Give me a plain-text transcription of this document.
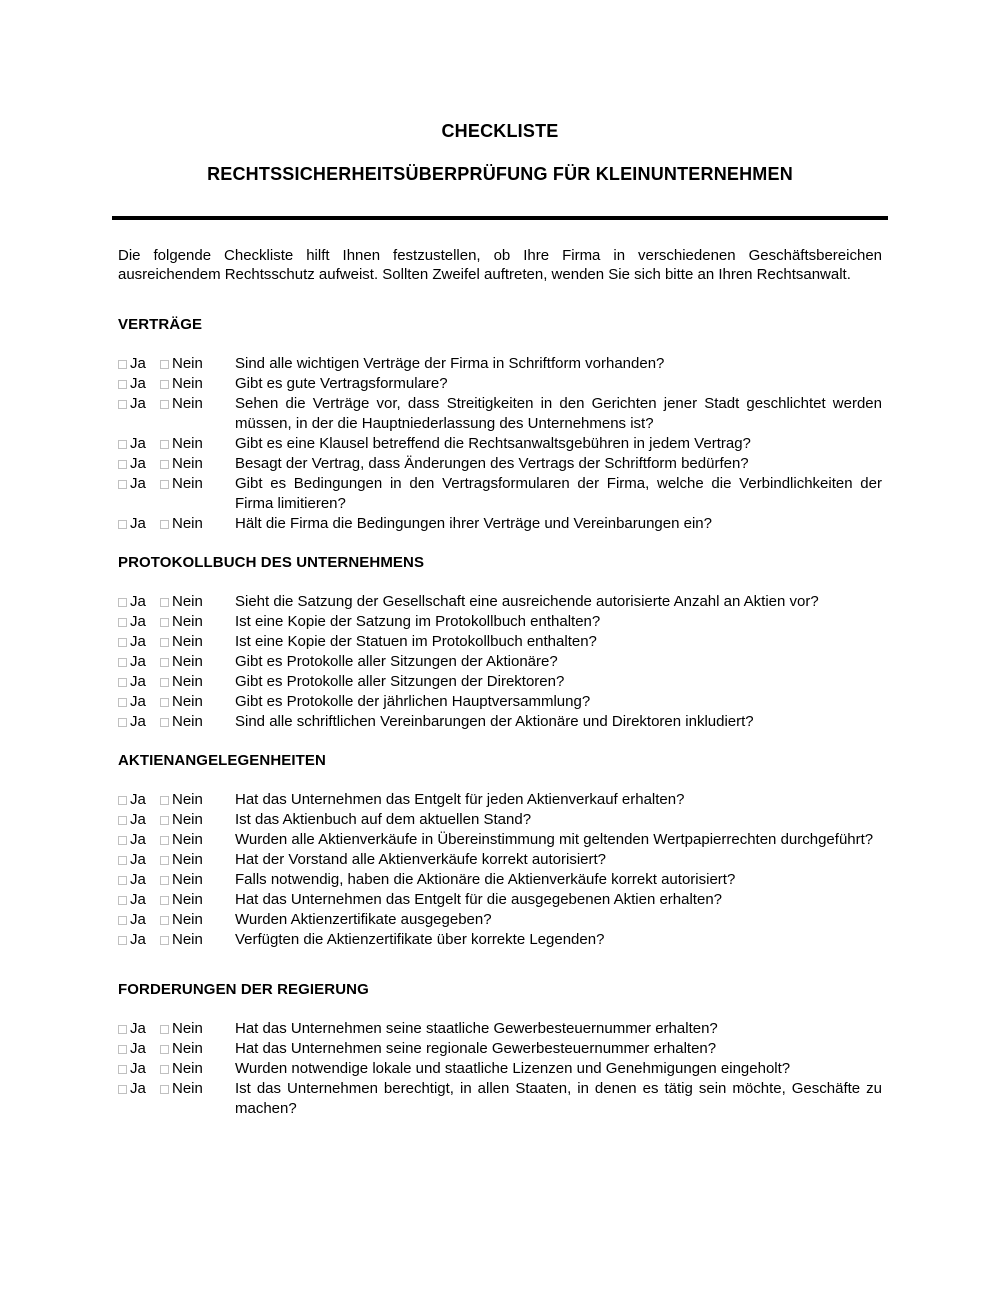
CHECKLISTE
RECHTSSICHERHEITSÜBERPRÜFUNG FÜR KLEINUNTERNEHMEN

Die folgende Checkliste hilft Ihnen festzustellen, ob Ihre Firma in verschiedenen Geschäftsbereichen ausreichendem Rechtsschutz aufweist. Sollten Zweifel auftreten, wenden Sie sich bitte an Ihren Rechtsanwalt.

VERTRÄGE
Ja	Nein	Sind alle wichtigen Verträge der Firma in Schriftform vorhanden?
Ja	Nein	Gibt es gute Vertragsformulare?
Ja	Nein	Sehen die Verträge vor, dass Streitigkeiten in den Gerichten jener Stadt geschlichtet werden müssen, in der die Hauptniederlassung des Unternehmens ist?
Ja	Nein	Gibt es eine Klausel betreffend die Rechtsanwaltsgebühren in jedem Vertrag?
Ja	Nein	Besagt der Vertrag, dass Änderungen des Vertrags der Schriftform bedürfen?
Ja	Nein	Gibt es Bedingungen in den Vertragsformularen der Firma, welche die Verbindlichkeiten der Firma limitieren?
Ja	Nein	Hält die Firma die Bedingungen ihrer Verträge und Vereinbarungen ein?
PROTOKOLLBUCH DES UNTERNEHMENS
Ja	Nein	Sieht die Satzung der Gesellschaft eine ausreichende autorisierte Anzahl an Aktien vor?
Ja	Nein	Ist eine Kopie der Satzung im Protokollbuch enthalten?
Ja	Nein	Ist eine Kopie der Statuen im Protokollbuch enthalten?
Ja	Nein	Gibt es Protokolle aller Sitzungen der Aktionäre?
Ja	Nein	Gibt es Protokolle aller Sitzungen der Direktoren?
Ja	Nein	Gibt es Protokolle der jährlichen Hauptversammlung?
Ja	Nein	Sind alle schriftlichen Vereinbarungen der Aktionäre und Direktoren inkludiert?
AKTIENANGELEGENHEITEN
Ja	Nein	Hat das Unternehmen das Entgelt für jeden Aktienverkauf erhalten?
Ja	Nein	Ist das Aktienbuch auf dem aktuellen Stand?
Ja	Nein	Wurden alle Aktienverkäufe in Übereinstimmung mit geltenden Wertpapierrechten durchgeführt?
Ja	Nein	Hat der Vorstand alle Aktienverkäufe korrekt autorisiert?
Ja	Nein	Falls notwendig, haben die Aktionäre die Aktienverkäufe korrekt autorisiert?
Ja	Nein	Hat das Unternehmen das Entgelt für die ausgegebenen Aktien erhalten?
Ja	Nein	Wurden Aktienzertifikate ausgegeben?
Ja	Nein	Verfügten die Aktienzertifikate über korrekte Legenden?
FORDERUNGEN DER REGIERUNG
Ja	Nein	Hat das Unternehmen seine staatliche Gewerbesteuernummer erhalten?
Ja	Nein	Hat das Unternehmen seine regionale Gewerbesteuernummer erhalten?
Ja	Nein	Wurden notwendige lokale und staatliche Lizenzen und Genehmigungen eingeholt?
Ja	Nein	Ist das Unternehmen berechtigt, in allen Staaten, in denen es tätig sein möchte, Geschäfte zu machen?
